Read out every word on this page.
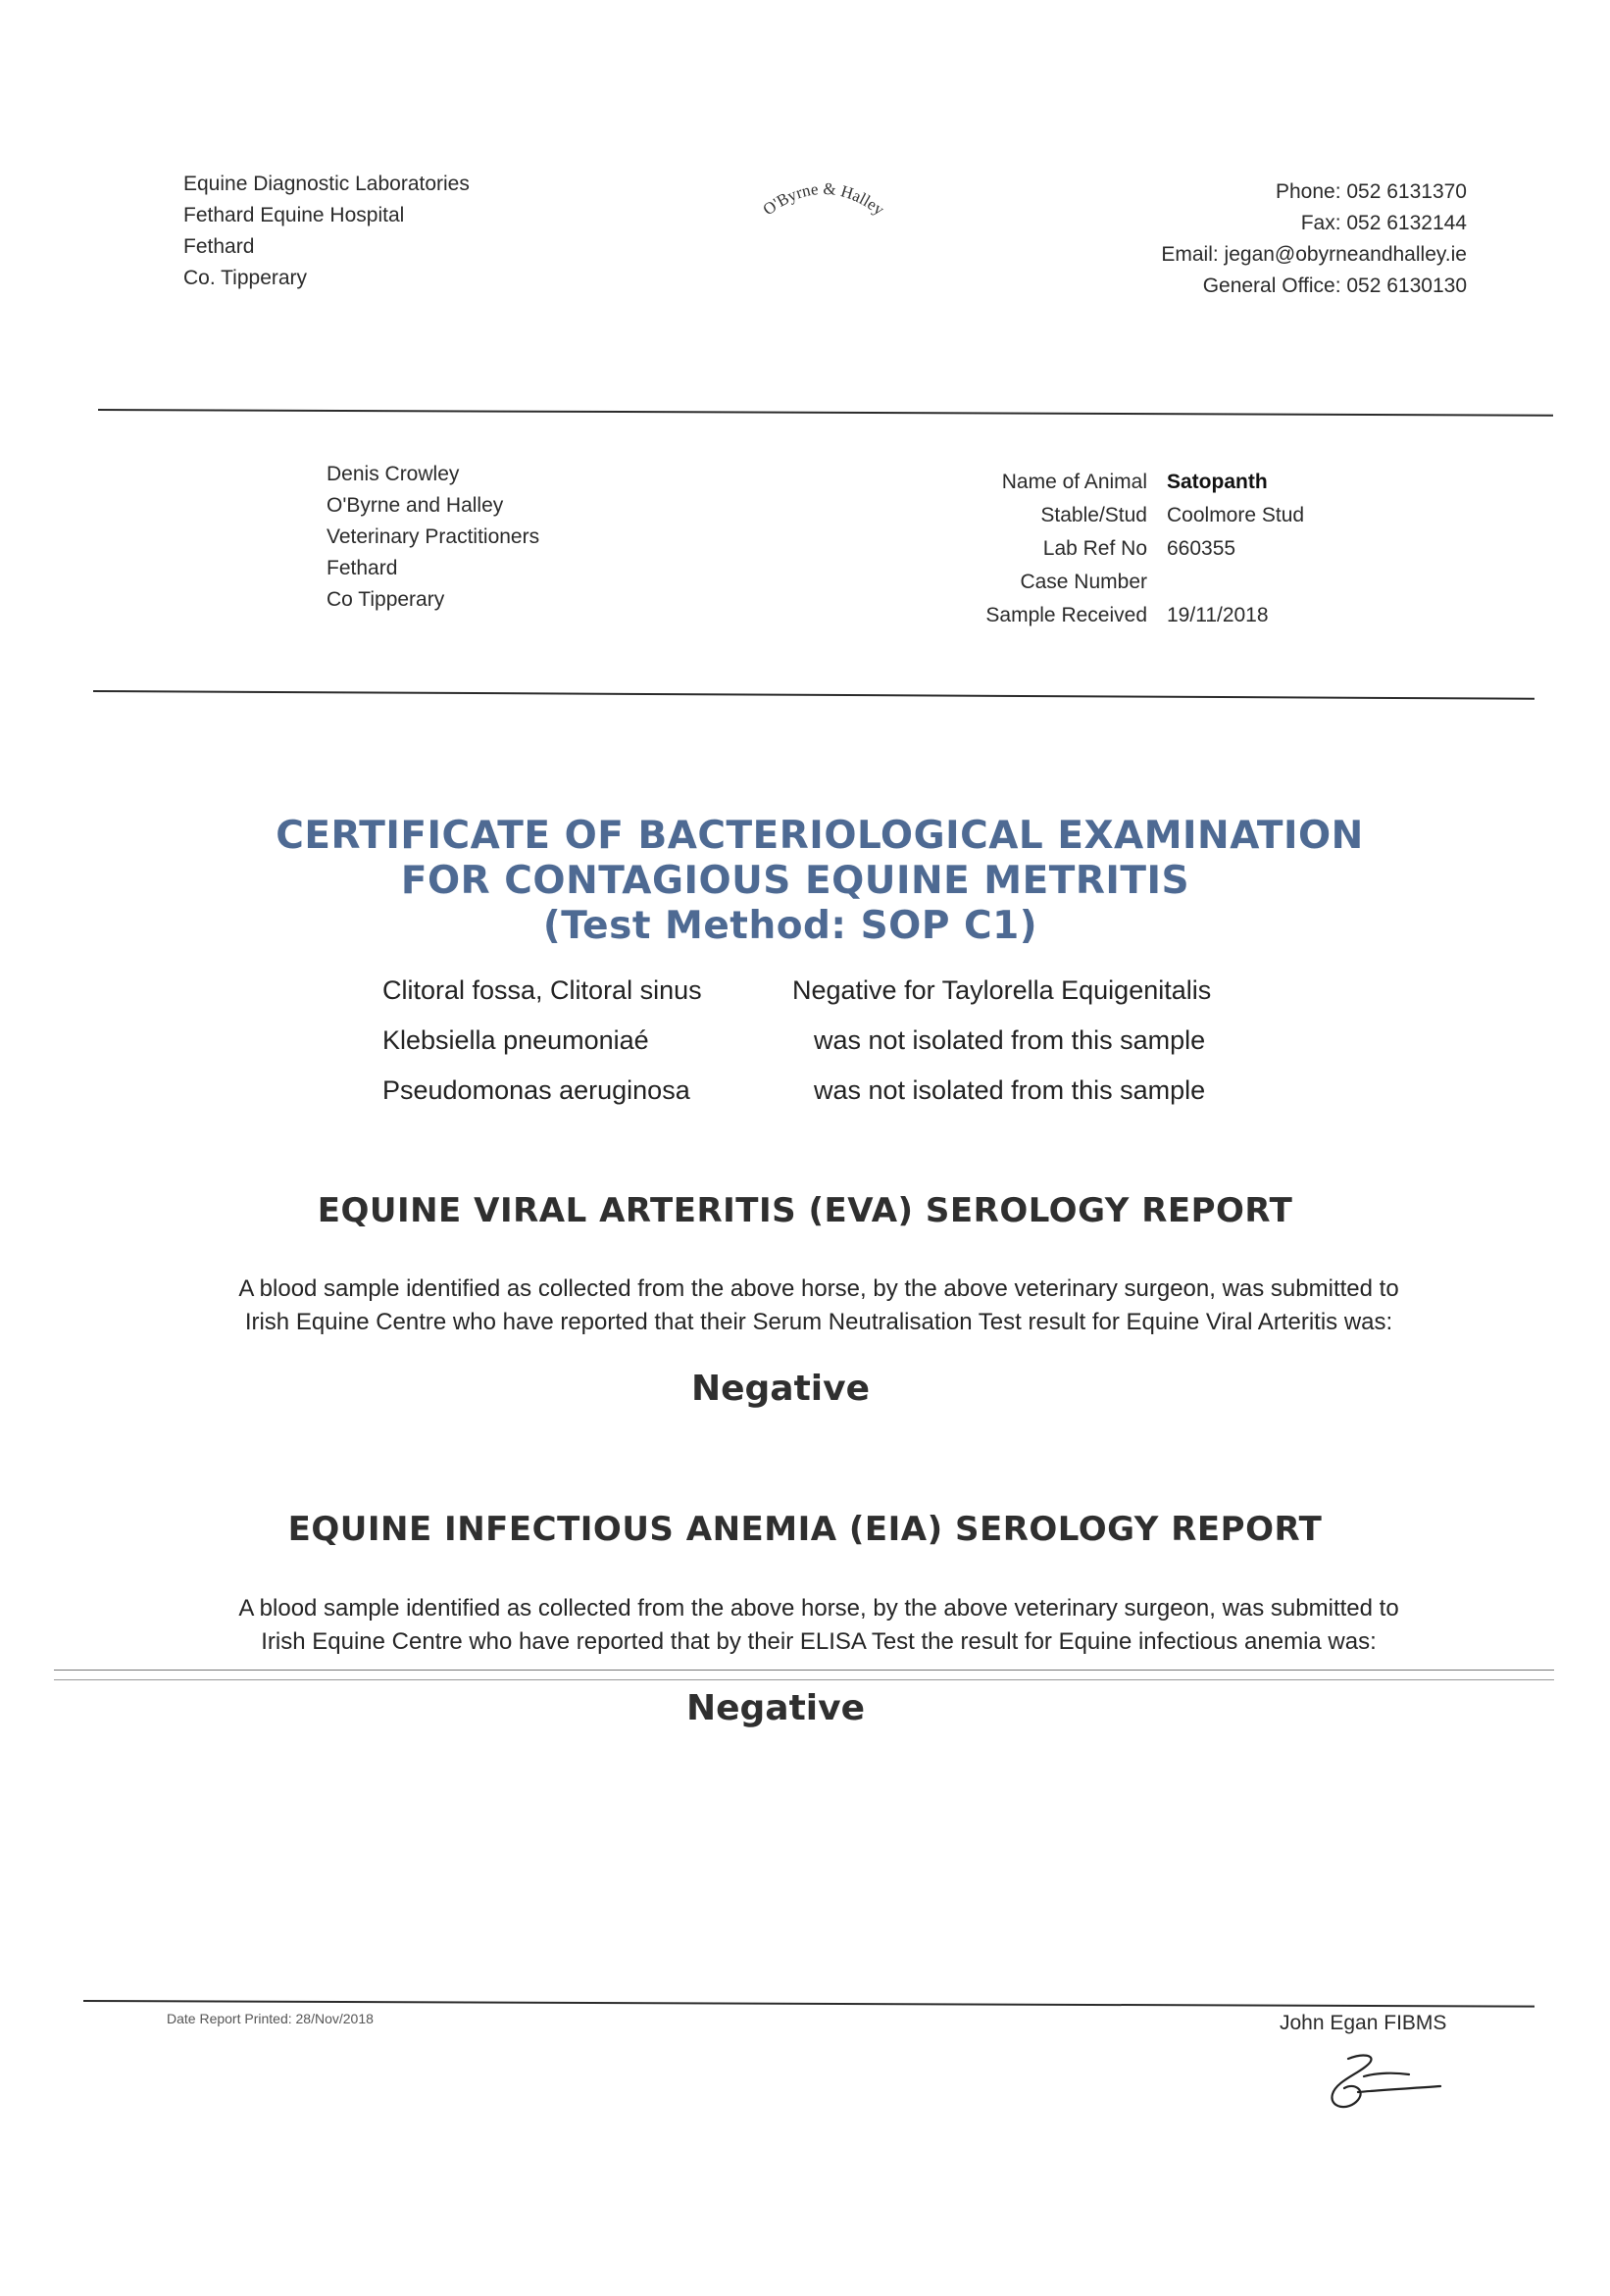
Equine Diagnostic Laboratories
Fethard Equine Hospital
Fethard
Co. Tipperary
O'Byrne & Halley
Phone: 052 6131370
Fax: 052 6132144
Email: jegan@obyrneandhalley.ie
General Office: 052 6130130
Denis Crowley
O'Byrne and Halley
Veterinary Practitioners
Fethard
Co Tipperary
Name of Animal Satopanth
Stable/Stud Coolmore Stud
Lab Ref No 660355
Case Number
Sample Received 19/11/2018
CERTIFICATE OF BACTERIOLOGICAL EXAMINATION
FOR CONTAGIOUS EQUINE METRITIS
(Test Method: SOP C1)
Clitoral fossa, Clitoral sinus	Negative for Taylorella Equigenitalis
Klebsiella pneumoniaé	was not isolated from this sample
Pseudomonas aeruginosa	was not isolated from this sample
EQUINE VIRAL ARTERITIS (EVA) SEROLOGY REPORT
A blood sample identified as collected from the above horse, by the above veterinary surgeon, was submitted to
Irish Equine Centre who have reported that their Serum Neutralisation Test result for Equine Viral Arteritis was:
Negative
EQUINE INFECTIOUS ANEMIA (EIA) SEROLOGY REPORT
A blood sample identified as collected from the above horse, by the above veterinary surgeon, was submitted to
Irish Equine Centre who have reported that by their ELISA Test the result for Equine infectious anemia was:
Negative
Date Report Printed: 28/Nov/2018	John Egan FIBMS
